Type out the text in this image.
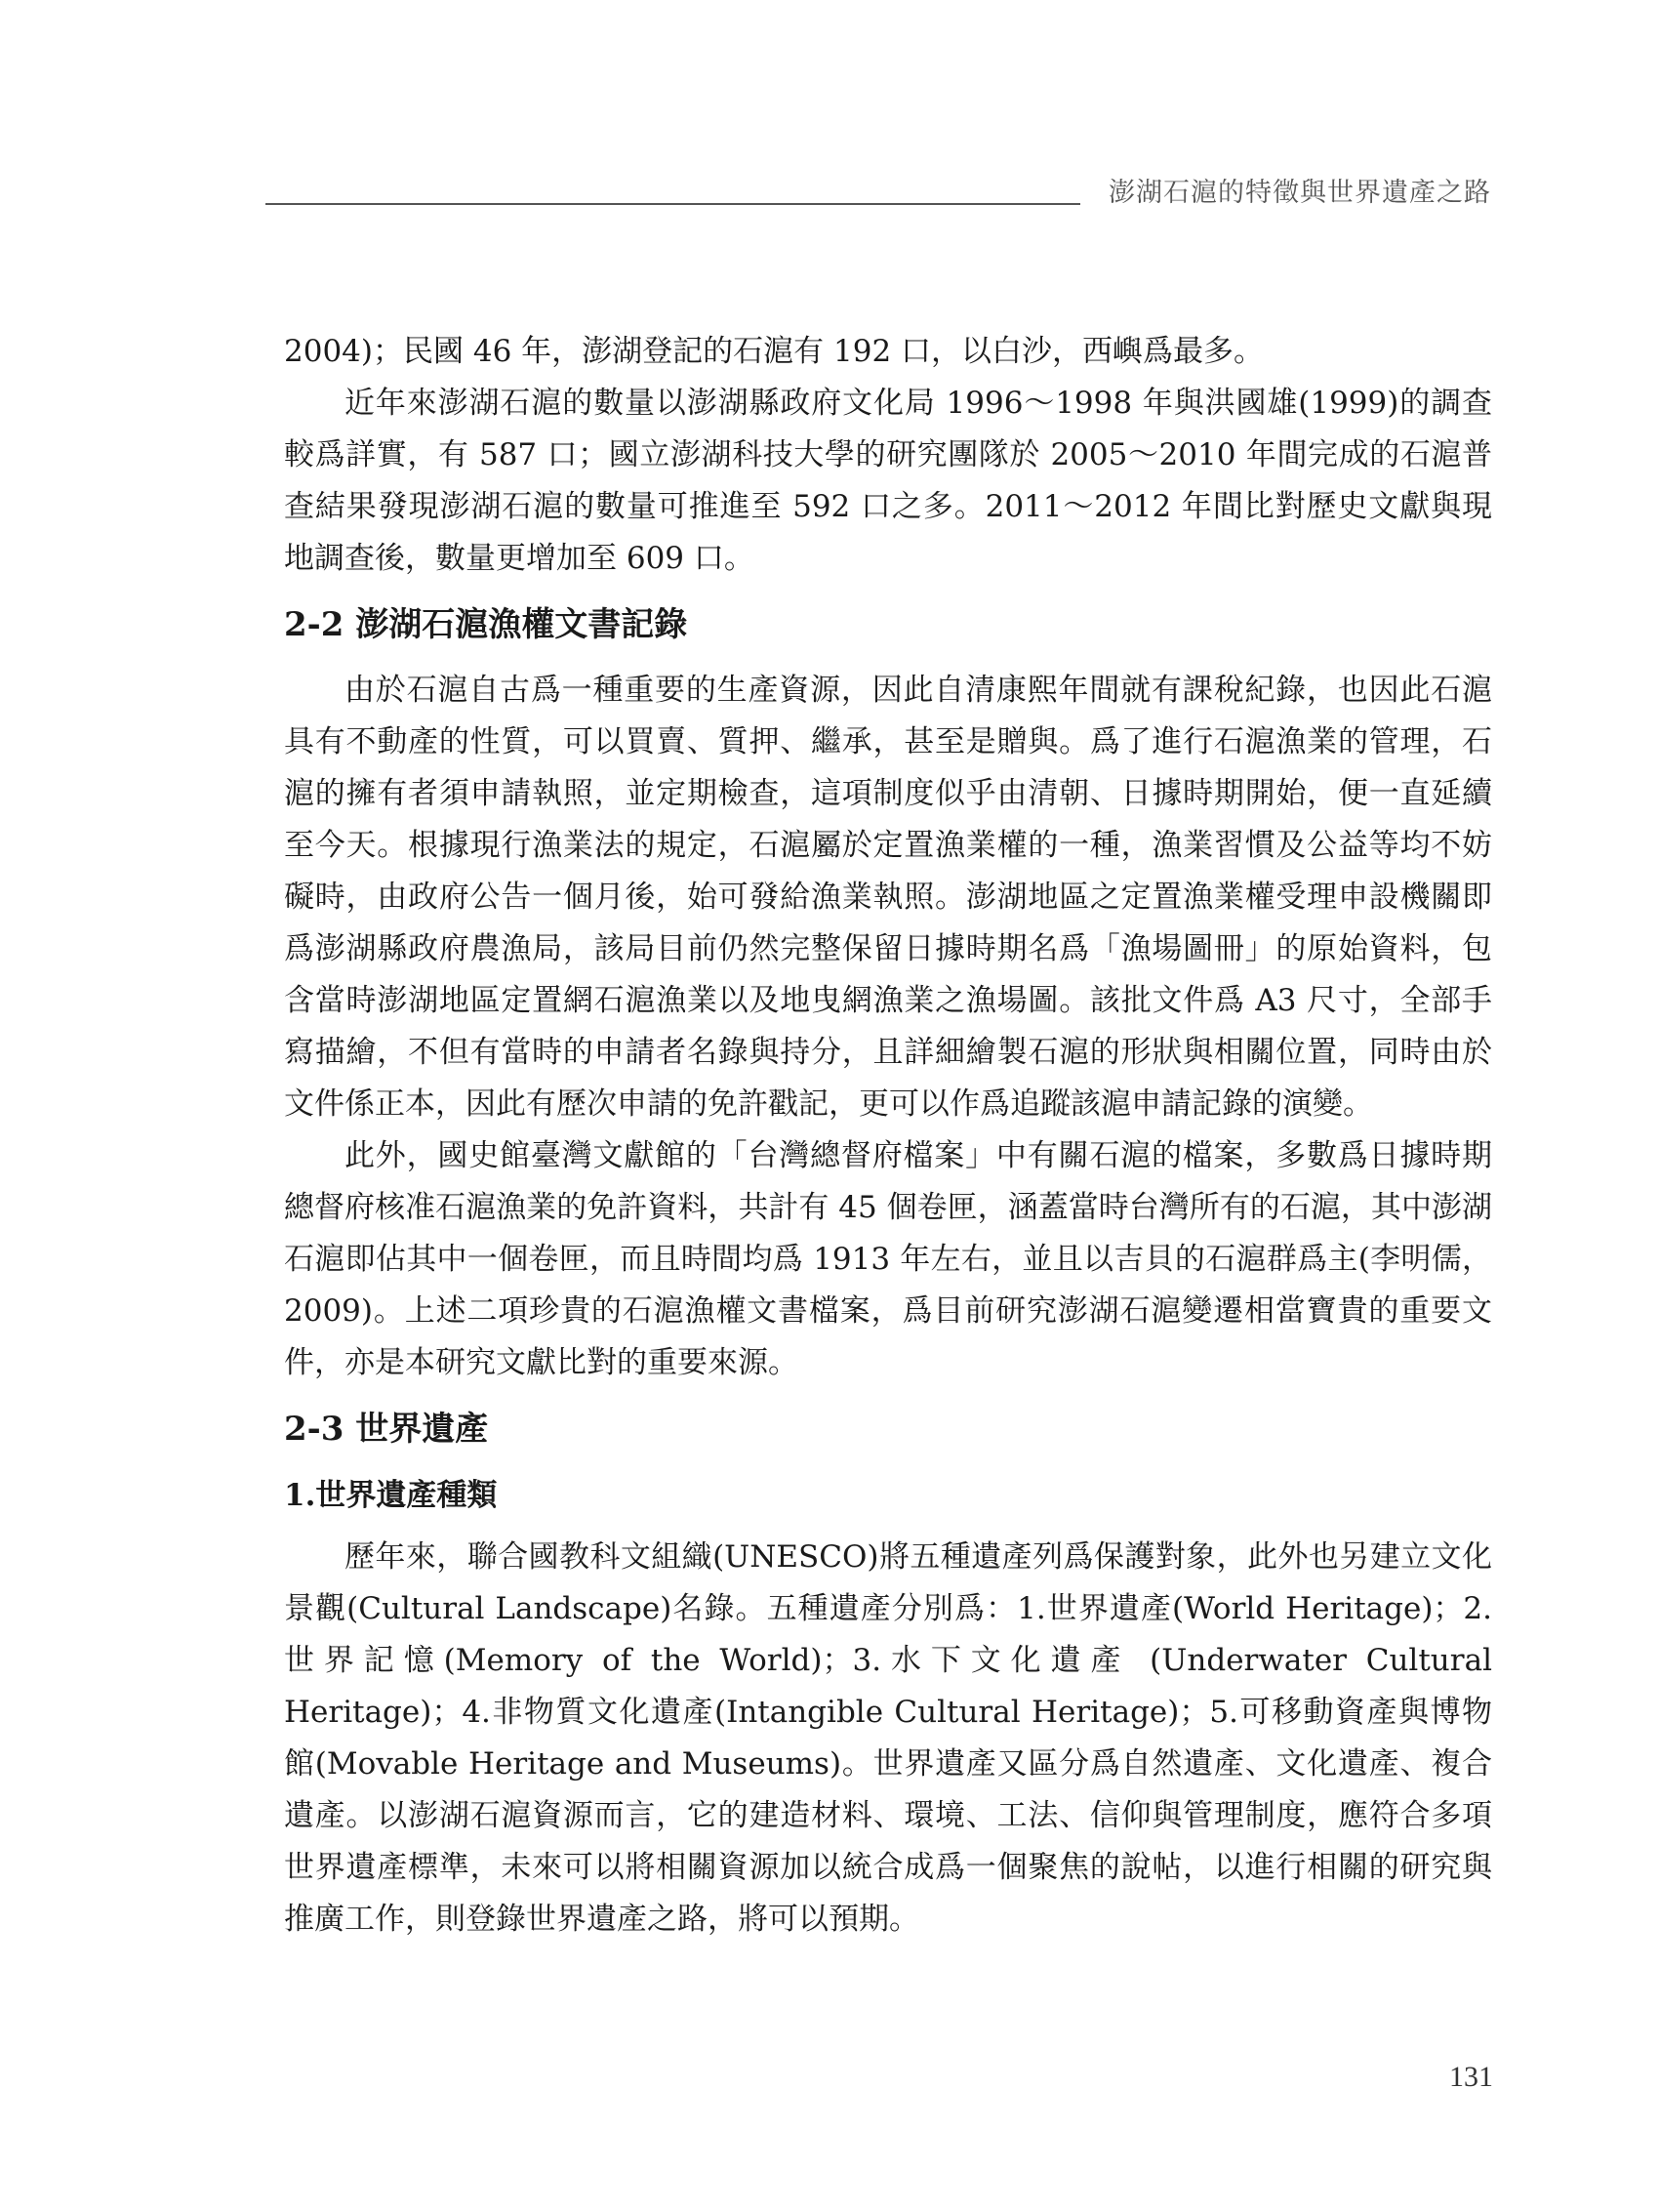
澎湖石滬的特徵與世界遺產之路

2004)；民國 46 年，澎湖登記的石滬有 192 口，以白沙，西嶼爲最多。

近年來澎湖石滬的數量以澎湖縣政府文化局 1996～1998 年與洪國雄(1999)的調查較爲詳實，有 587 口；國立澎湖科技大學的研究團隊於 2005～2010 年間完成的石滬普查結果發現澎湖石滬的數量可推進至 592 口之多。2011～2012 年間比對歷史文獻與現地調查後，數量更增加至 609 口。

2-2 澎湖石滬漁權文書記錄

由於石滬自古爲一種重要的生產資源，因此自清康熙年間就有課稅紀錄，也因此石滬具有不動產的性質，可以買賣、質押、繼承，甚至是贈與。爲了進行石滬漁業的管理，石滬的擁有者須申請執照，並定期檢查，這項制度似乎由清朝、日據時期開始，便一直延續至今天。根據現行漁業法的規定，石滬屬於定置漁業權的一種，漁業習慣及公益等均不妨礙時，由政府公告一個月後，始可發給漁業執照。澎湖地區之定置漁業權受理申設機關即爲澎湖縣政府農漁局，該局目前仍然完整保留日據時期名爲「漁場圖冊」的原始資料，包含當時澎湖地區定置網石滬漁業以及地曳網漁業之漁場圖。該批文件爲 A3 尺寸，全部手寫描繪，不但有當時的申請者名錄與持分，且詳細繪製石滬的形狀與相關位置，同時由於文件係正本，因此有歷次申請的免許戳記，更可以作爲追蹤該滬申請記錄的演變。

此外，國史館臺灣文獻館的「台灣總督府檔案」中有關石滬的檔案，多數爲日據時期總督府核准石滬漁業的免許資料，共計有 45 個卷匣，涵蓋當時台灣所有的石滬，其中澎湖石滬即佔其中一個卷匣，而且時間均爲 1913 年左右，並且以吉貝的石滬群爲主(李明儒，2009)。上述二項珍貴的石滬漁權文書檔案，爲目前研究澎湖石滬變遷相當寶貴的重要文件，亦是本研究文獻比對的重要來源。

2-3 世界遺產
1.世界遺產種類

歷年來，聯合國教科文組織(UNESCO)將五種遺產列爲保護對象，此外也另建立文化景觀(Cultural Landscape)名錄。五種遺產分別爲：1.世界遺產(World Heritage)；2.世界記憶(Memory of the World)；3.水下文化遺產 (Underwater Cultural Heritage)；4.非物質文化遺產(Intangible Cultural Heritage)；5.可移動資產與博物館(Movable Heritage and Museums)。世界遺產又區分爲自然遺產、文化遺產、複合遺產。以澎湖石滬資源而言，它的建造材料、環境、工法、信仰與管理制度，應符合多項世界遺產標準，未來可以將相關資源加以統合成爲一個聚焦的說帖，以進行相關的研究與推廣工作，則登錄世界遺產之路，將可以預期。

131
